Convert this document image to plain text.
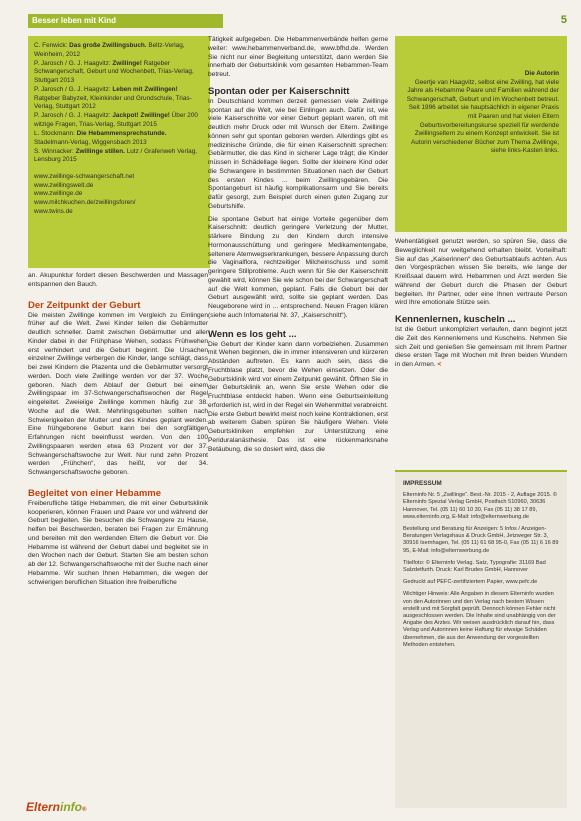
Besser leben mit Kind	5

C. Fenwick: Das große Zwillingsbuch. Beltz-Verlag, Weinheim, 2012

P. Jarosch / G. J. Haagvitz: Zwillinge! Ratgeber Schwangerschaft, Geburt und Wochenbett, Trias-Verlag, Stuttgart 2013

P. Jarosch / G. J. Haagvitz: Leben mit Zwillingen! Ratgeber Babyzeit, Kleinkinder und Grundschule, Trias-Verlag, Stuttgart 2012

P. Jarosch / G. J. Haagvitz: Jackpot! Zwillinge! Über 200 witzige Fragen, Trias-Verlag, Stuttgart 2015

L. Stockmann: Die Hebammensprechstunde. Stadelmann-Verlag, Wiggensbach 2013

S. Winnacker: Zwillinge stillen. Lutz / Grafenweh Verlag, Lensburg 2015

www.zwillinge-schwangerschaft.net

www.zwillingswelt.de

www.zwillinge.de

www.milchkuchen.de/zwillingsforen/

www.twins.de

Die Autorin
Geertje van Haagvitz, selbst eine Zwilling, hat viele Jahre als Hebamme Paare und Familien während der Schwangerschaft, Geburt und im Wochenbett betreut. Seit 1996 arbeitet sie hauptsächlich in eigener Praxis mit Paaren und hat vielen Eltern Geburtsvorbereitungskurse speziell für werdende Zwillingseltern zu einem Konzept entwickelt. Sie ist Autorin verschiedener Bücher zum Thema Zwillinge, siehe links-Kasten links.

an. Akupunktur fordert diesen Beschwerden und Massagen entspannen den Bauch.

Der Zeitpunkt der Geburt

Die meisten Zwillinge kommen im Vergleich zu Einlingen früher auf die Welt. Zwei Kinder teilen die Gebärmutter deutlich schneller. Damit zwischen Gebärmutter und aller Kinder dabei in der Frühphase Wehen, sodass Frühwehen erst verhindert und die Geburt beginnt. Die Ursachen einzelner Zwillinge verbergen die Kinder, lange schlägt, dass bei zwei Kindern die Plazenta und die Gebärmutter versorgt werden. Doch viele Zwillinge werden vor der 37. Woche geboren. Nach dem Ablauf der Geburt bei einem Zwillingspaar im 37-Schwangerschaftswochen der Regel eingeleitet. Zweieiige Zwillinge kommen häufig zur 38. Woche auf die Welt. Mehrlingsgeburten sollten nach Schwierigkeiten der Mutter und des Kindes geplant werden. Eine frühgeborene Geburt kann bei den sorgfältigen Erfahrungen nicht beeinflusst werden. Von den 100 Zwillingspaaren werden etwa 63 Prozent vor der 37. Schwangerschaftswoche zur Welt. Nur rund zehn Prozent werden „Frühchen“, das heißt, vor der 34. Schwangerschaftswoche geboren.

Begleitet von einer Hebamme

Freiberufliche tätige Hebammen, die mit einer Geburtsklinik kooperieren, können Frauen und Paare vor und während der Geburt begleiten. Sie besuchen die Schwangere zu Hause, helfen bei Beschwerden, beraten bei Fragen zur Ernährung und bereiten mit den werdenden Eltern die Geburt vor. Die Hebamme ist während der Geburt dabei und begleitet sie in den Wochen nach der Geburt. Starten Sie am besten schon ab der 12. Schwangerschaftswoche mit der Suche nach einer Hebamme. Wir suchen Ihnen Hebammen, die wegen der schwierigen beruflichen Situation ihre freiberufliche

Tätigkeit aufgegeben. Die Hebammenverbände helfen gerne weiter: www.hebammenverband.de, www.bfhd.de. Werden Sie nicht nur einer Begleitung unterstützt, dann werden Sie innerhalb der Geburtsklinik vom gesamten Hebammen-Team betreut.

Spontan oder per Kaiserschnitt

In Deutschland kommen derzeit gemessen viele Zwillinge spontan auf die Welt, wie bei Einlingen auch. Dafür ist, wie viele Kaiserschnitte vor einer Geburt geplant waren, oft mit deutlich mehr Druck oder mit Wunsch der Eltern. Zwillinge können sehr gut spontan geboren werden. Allerdings gibt es medizinische Gründe, die für einen Kaiserschnitt sprechen: Gebärmutter, die das Kind in sicherer Lage trägt; die Kinder müssen in Schädellage liegen. Sollte der kleinere Kind oder die Schwangere in bestimmten Situationen nach der Geburt des ersten Kindes ... beim Zwillingsgebären. Die Spontangeburt ist häufig komplikationsarm und Sie bereits dafür gesorgt, zum Beispiel durch einen guten Zugang zur Geburtshilfe.

Die spontane Geburt hat einige Vorteile gegenüber dem Kaiserschnitt: deutlich geringere Verletzung der Mutter, stärkere Bindung zu den Kindern durch intensive Hormonausschüttung und geringere Medikamentengabe, seltenere Atemwegserkrankungen, bessere Anpassung durch die Vaginalflora, rechtzeitiger Milcheinschuss und somit geringere Stillprobleme. Auch wenn für Sie der Kaiserschnitt gewählt wird, können Sie wie schon bei der Schwangerschaft auf die Welt kommen, geplant. Falls die Geburt bei der Geburt ausgewählt wird, sollte sie geplant werden. Das Neugeborene wird in ... entsprechend. Neuen Fragen klären (siehe auch Infomaterial Nr. 37, „Kaiserschnitt“).

Wenn es los geht ...

Die Geburt der Kinder kann dann vorbeiziehen. Zusammen mit Wehen beginnen, die in immer intensiveren und kürzeren Abständen auftreten. Es kann auch sein, dass die Fruchtblase platzt, bevor die Wehen einsetzen. Oder die Geburtsklinik wird vor einem Zeitpunkt gewählt. Öffnen Sie in der Geburtsklinik an, wenn Sie erste Wehen oder die Fruchtblase entdeckt haben. Wenn eine Geburtseinleitung erforderlich ist, wird in der Regel ein Wehenmittel verabreicht. Die erste Geburt bewirkt meist noch keine Kontraktionen, erst ab weiterem Gaben spüren Sie häufigere Wehen. Viele Geburtskliniken empfehlen zur Unterstützung eine Periduralanästhesie. Das ist eine rückenmarksnahe Betäubung, die so dosiert wird, dass die

Wehentätigkeit genutzt werden, so spüren Sie, dass die Beweglichkeit nur weitgehend erhalten bleibt. Vorteilhaft: Sie auf das „Kaiserinnen“ des Geburtsablaufs achten. Aus den Vorgesprächen wissen Sie bereits, wie lange der Kreißsaal dauern wird. Hebammen und Arzt werden Sie während der Geburt durch die Phasen der Geburt begleiten. Ihr Partner, oder eine Ihnen vertraute Person wird Ihre emotionale Stütze sein.

Kennenlernen, kuscheln ...

Ist die Geburt unkompliziert verlaufen, dann beginnt jetzt die Zeit des Kennenlernens und Kuschelns. Nehmen Sie sich Zeit und genießen Sie gemeinsam mit Ihrem Partner diese ersten Tage mit Wochen mit Ihren beiden Wundern in den Armen. <

IMPRESSUM

Elterninfo Nr. 5 „Zwillinge“. Best.-Nr. 2015 - 2, Auflage 2015. © Elterninfo Spezial Verlag GmbH, Postfach 510960, 30636 Hannover, Tel. (05 11) 60 10 30, Fax (05 11) 38 17 89, www.elterninfo.org, E-Mail: info@elternwerbung.de

Bestellung und Beratung für Anzeigen: 5 Infos / Anzeigen-Beratungen Verlagshaus & Druck GmbH, Jetzweger Str. 3, 30916 Isernhagen, Tel. (05 11) 61 68 95-0, Fax (05 11) 6 16 89 95, E-Mail: info@elternwerbung.de

Titelfoto: © Elterninfo Verlag. Satz, Typografie: 31169 Bad Salzdetfurth. Druck: Karl Brudes GmbH, Hannover

Gedruckt auf PEFC-zertifiziertem Papier, www.pefc.de

Wichtiger Hinweis: Alle Angaben in diesem Elterninfo wurden von den Autorinnen und den Verlag nach bestem Wissen erstellt und mit Sorgfalt geprüft. Dennoch können Fehler nicht ausgeschlossen werden. Die Inhalte sind unabhängig von der Angabe des Arztes. Wir weisen ausdrücklich darauf hin, dass Verlag und Autorinnen keine Haftung für etwaige Schäden übernehmen, die aus der Anwendung der vorgestellten Methoden entstehen.

Elterninfo®
